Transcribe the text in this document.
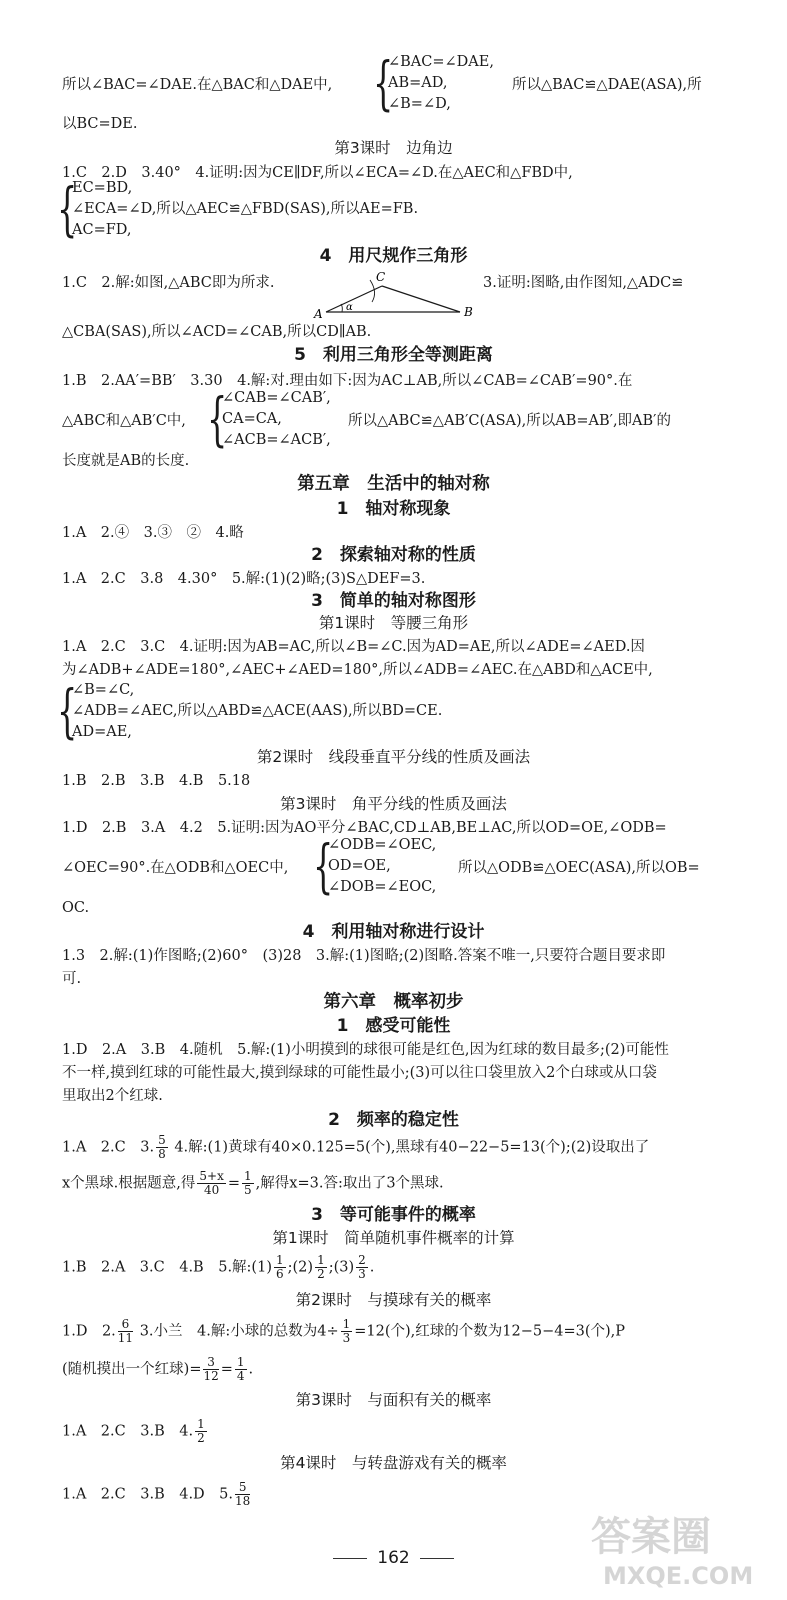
所以∠BAC=∠DAE.在△BAC和△DAE中, {
∠BAC=∠DAE,
AB=AD,
∠B=∠D,
所以△BAC≌△DAE(ASA),所
以BC=DE.
第3课时　边角边
1.C　2.D　3.40°　4.证明:因为CE∥DF,所以∠ECA=∠D.在△AEC和△FBD中,
{
EC=BD,
∠ECA=∠D,所以△AEC≌△FBD(SAS),所以AE=FB.
AC=FD,
4　用尺规作三角形
1.C　2.解:如图,△ABC即为所求.
A	B
C
α
3.证明:图略,由作图知,△ADC≌
△CBA(SAS),所以∠ACD=∠CAB,所以CD∥AB.
5　利用三角形全等测距离
1.B　2.AA′=BB′　3.30　4.解:对.理由如下:因为AC⊥AB,所以∠CAB=∠CAB′=90°.在
△ABC和△AB′C中, {
∠CAB=∠CAB′,
CA=CA,
∠ACB=∠ACB′,
所以△ABC≌△AB′C(ASA),所以AB=AB′,即AB′的
长度就是AB的长度.
第五章　生活中的轴对称
1　轴对称现象
1.A　2.④　3.③　②　4.略
2　探索轴对称的性质
1.A　2.C　3.8　4.30°　5.解:(1)(2)略;(3)S△DEF=3.
3　简单的轴对称图形
第1课时　等腰三角形
1.A　2.C　3.C　4.证明:因为AB=AC,所以∠B=∠C.因为AD=AE,所以∠ADE=∠AED.因
为∠ADB+∠ADE=180°,∠AEC+∠AED=180°,所以∠ADB=∠AEC.在△ABD和△ACE中,
{
∠B=∠C,
∠ADB=∠AEC,所以△ABD≌△ACE(AAS),所以BD=CE.
AD=AE,
第2课时　线段垂直平分线的性质及画法
1.B　2.B　3.B　4.B　5.18
第3课时　角平分线的性质及画法
1.D　2.B　3.A　4.2　5.证明:因为AO平分∠BAC,CD⊥AB,BE⊥AC,所以OD=OE,∠ODB=
∠OEC=90°.在△ODB和△OEC中, {
∠ODB=∠OEC,
OD=OE,
∠DOB=∠EOC,
所以△ODB≌△OEC(ASA),所以OB=
OC.
4　利用轴对称进行设计
1.3　2.解:(1)作图略;(2)60°　(3)28　3.解:(1)图略;(2)图略.答案不唯一,只要符合题目要求即
可.
第六章　概率初步
1　感受可能性
1.D　2.A　3.B　4.随机　5.解:(1)小明摸到的球很可能是红色,因为红球的数目最多;(2)可能性
不一样,摸到红球的可能性最大,摸到绿球的可能性最小;(3)可以往口袋里放入2个白球或从口袋
里取出2个红球.
2　频率的稳定性
1.A　2.C　3. $\frac{5}{8} 4$.解:(1)黄球有40×0.125=5(个),黑球有40−22−5=13(个);(2)设取出了
x个黑球.根据题意,得 $\frac{5+x}{40} = \frac{1}{5}$ ,解得x=3.答:取出了3个黑球.
3　等可能事件的概率
第1课时　简单随机事件概率的计算
1.B　2.A　3.C　4.B　5.解:(1) $\frac{1}{6}$ ;(2) $\frac{1}{2}$ ;(3) $\frac{2}{3}$ .
第2课时　与摸球有关的概率
1.D　2. $\frac{6}{11} 3$.小兰　4.解:小球的总数为$4\div \frac{1}{3} =12$(个),红球的个数为12−5−4=3(个),P
(随机摸出一个红球)= $\frac{3}{12} = \frac{1}{4}$ .
第3课时　与面积有关的概率
1.A　2.C　3.B　4. $\frac{1}{2}$
第4课时　与转盘游戏有关的概率
1.A　2.C　3.B　4.D　5. $\frac{5}{18}$
162	答案圈
MXQE.COM
